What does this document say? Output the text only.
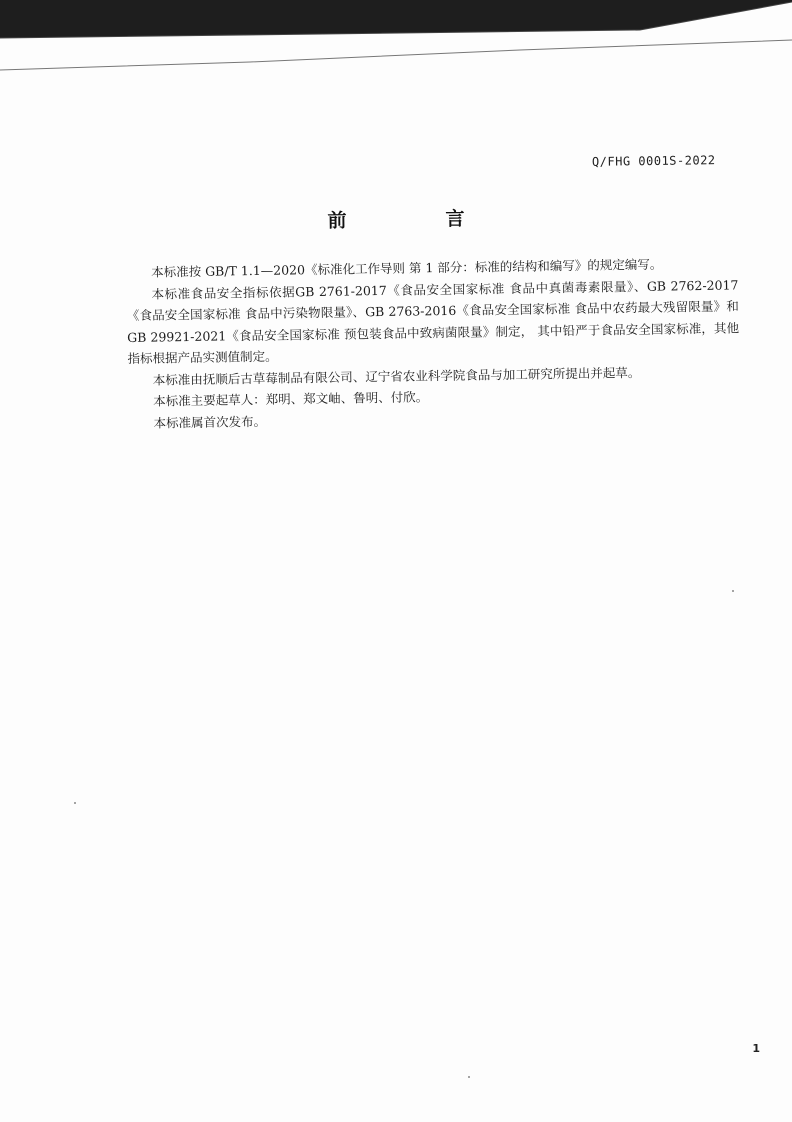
Q/FHG 0001S-2022
前　言

本标准按 GB/T 1.1—2020《标准化工作导则 第 1 部分：标准的结构和编写》的规定编写。

本标准食品安全指标依据GB 2761-2017《食品安全国家标准 食品中真菌毒素限量》、GB 2762-2017《食品安全国家标准 食品中污染物限量》、GB 2763-2016《食品安全国家标准 食品中农药最大残留限量》和GB 29921-2021《食品安全国家标准 预包装食品中致病菌限量》制定， 其中铅严于食品安全国家标准，其他指标根据产品实测值制定。

本标准由抚顺后古草莓制品有限公司、辽宁省农业科学院食品与加工研究所提出并起草。

本标准主要起草人：郑明、郑文岫、鲁明、付欣。

本标准属首次发布。

1
